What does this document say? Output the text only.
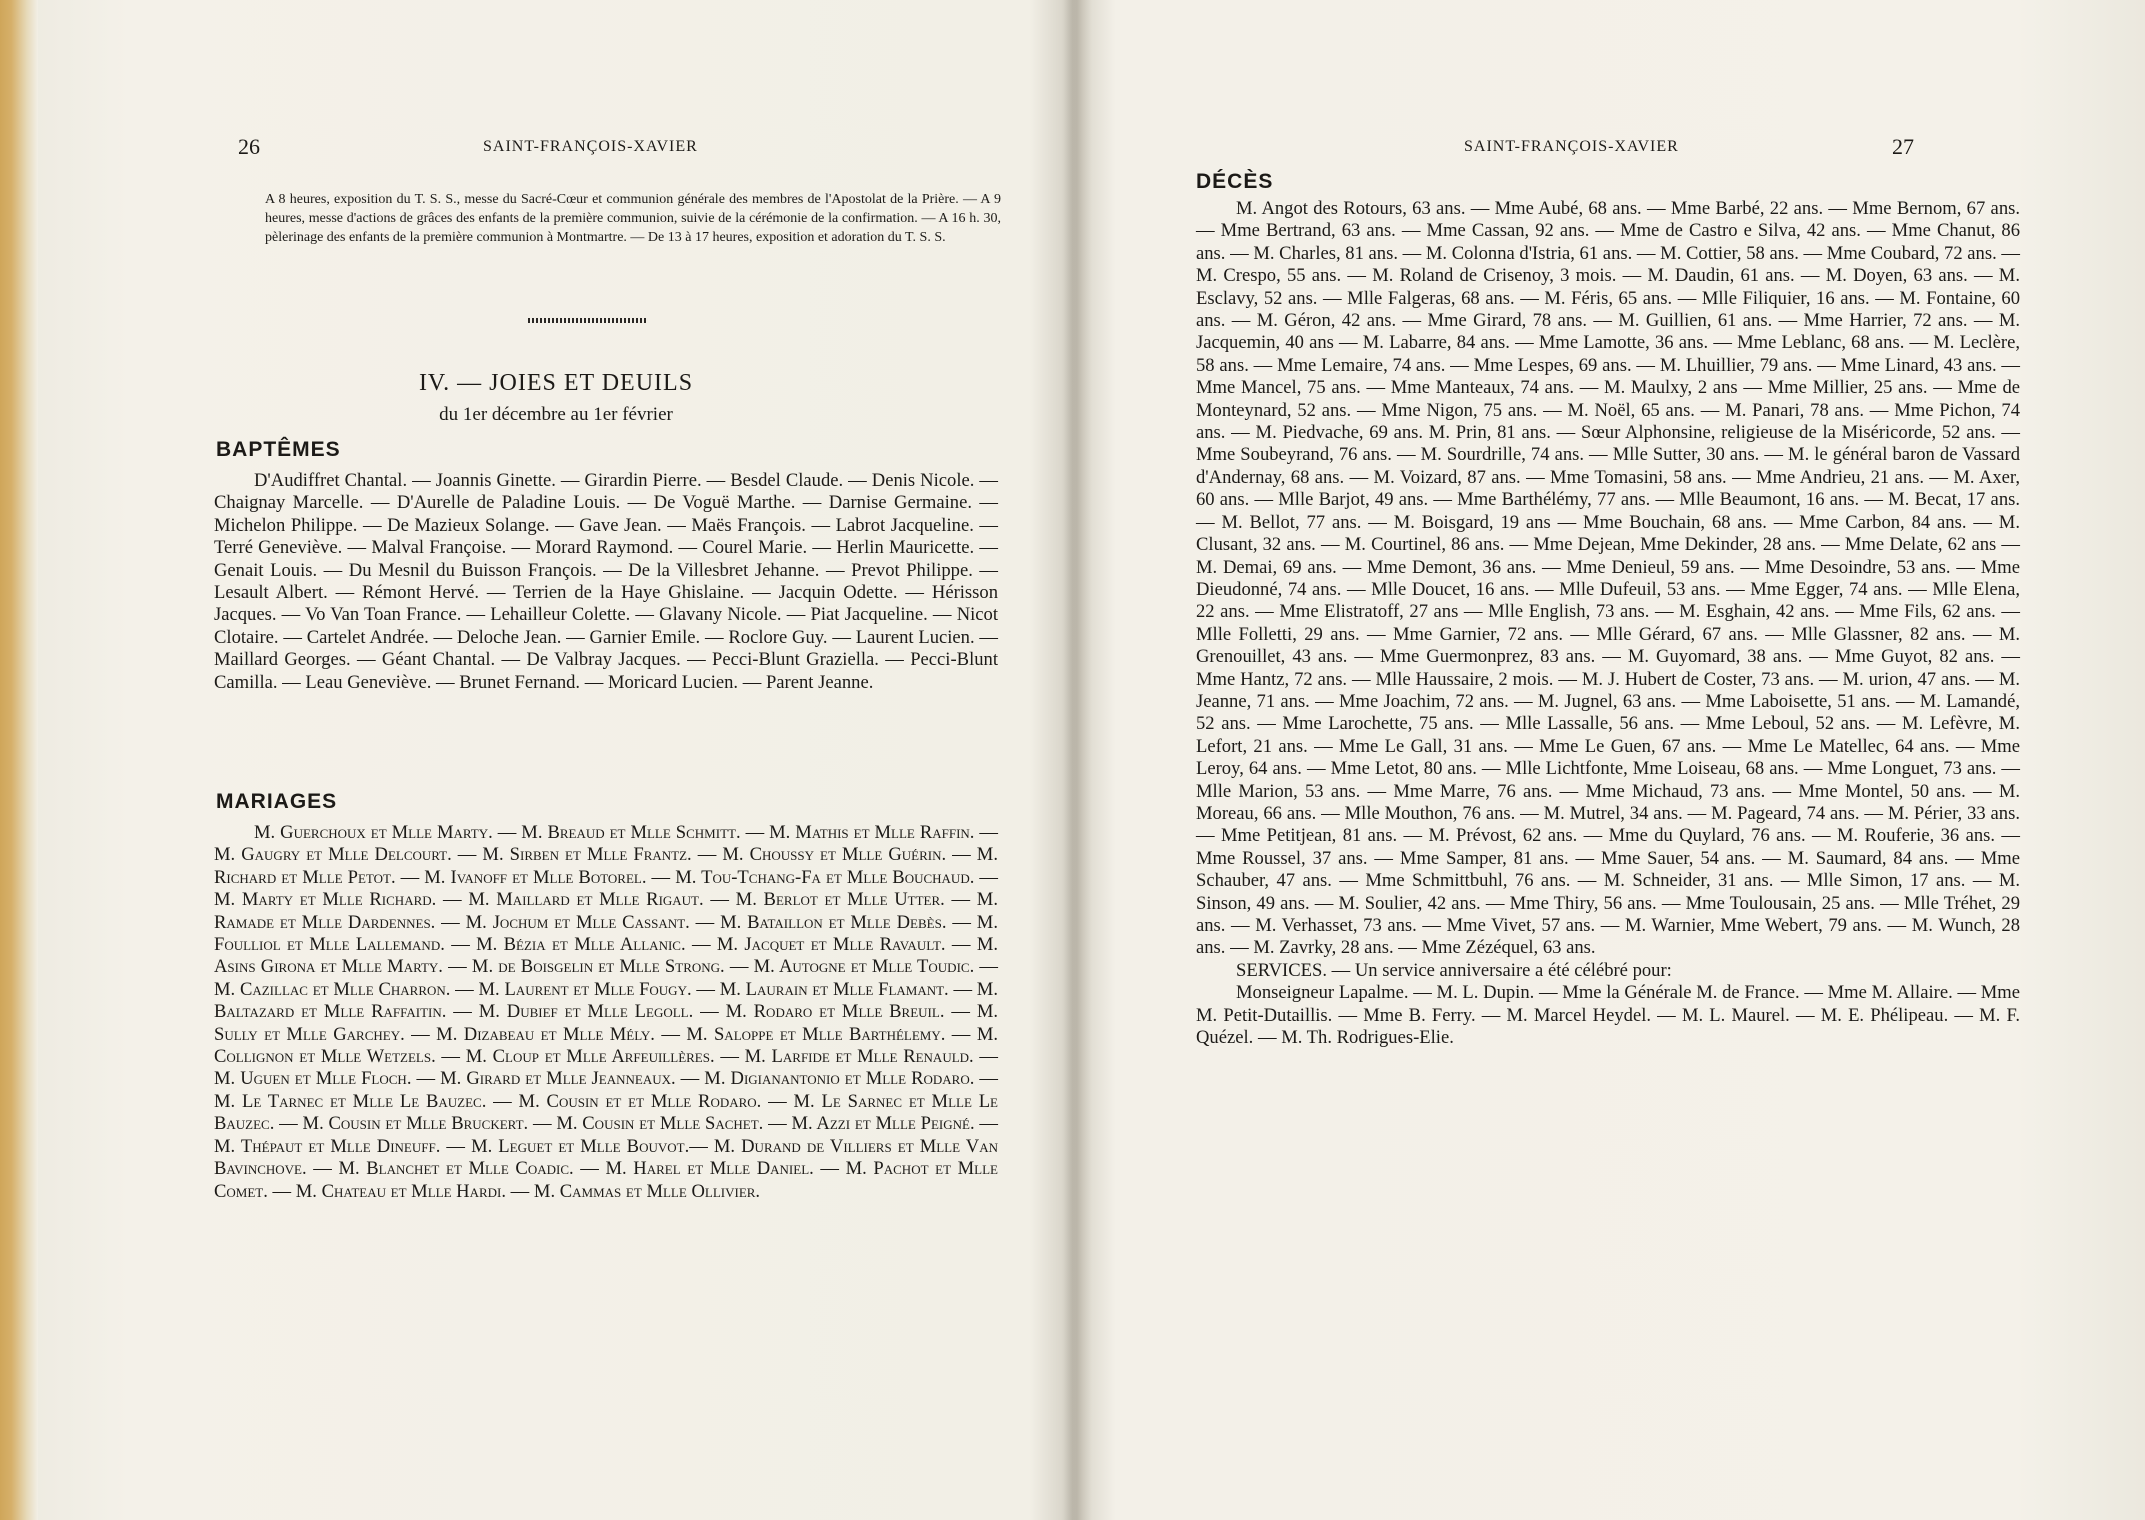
26	SAINT-FRANÇOIS-XAVIER
A 8 heures, exposition du T. S. S., messe du Sacré-Cœur et communion générale des membres de l'Apostolat de la Prière. — A 9 heures, messe d'actions de grâces des enfants de la première communion, suivie de la cérémonie de la confirmation. — A 16 h. 30, pèlerinage des enfants de la première communion à Montmartre. — De 13 à 17 heures, exposition et adoration du T. S. S.
IV. — JOIES ET DEUILS
du 1er décembre au 1er février
BAPTÊMES

D'Audiffret Chantal. — Joannis Ginette. — Girardin Pierre. — Besdel Claude. — Denis Nicole. — Chaignay Marcelle. — D'Aurelle de Paladine Louis. — De Voguë Marthe. — Darnise Germaine. — Michelon Philippe. — De Mazieux Solange. — Gave Jean. — Maës François. — Labrot Jacqueline. — Terré Geneviève. — Malval Françoise. — Morard Raymond. — Courel Marie. — Herlin Mauricette. — Genait Louis. — Du Mesnil du Buisson François. — De la Villesbret Jehanne. — Prevot Philippe. — Lesault Albert. — Rémont Hervé. — Terrien de la Haye Ghislaine. — Jacquin Odette. — Hérisson Jacques. — Vo Van Toan France. — Lehailleur Colette. — Glavany Nicole. — Piat Jacqueline. — Nicot Clotaire. — Cartelet Andrée. — Deloche Jean. — Garnier Emile. — Roclore Guy. — Laurent Lucien. — Maillard Georges. — Géant Chantal. — De Valbray Jacques. — Pecci-Blunt Graziella. — Pecci-Blunt Camilla. — Leau Geneviève. — Brunet Fernand. — Moricard Lucien. — Parent Jeanne.

MARIAGES

M. Guerchoux et Mlle Marty. — M. Breaud et Mlle Schmitt. — M. Mathis et Mlle Raffin. — M. Gaugry et Mlle Delcourt. — M. Sirben et Mlle Frantz. — M. Choussy et Mlle Guérin. — M. Richard et Mlle Petot. — M. Ivanoff et Mlle Botorel. — M. Tou-Tchang-Fa et Mlle Bouchaud. — M. Marty et Mlle Richard. — M. Maillard et Mlle Rigaut. — M. Berlot et Mlle Utter. — M. Ramade et Mlle Dardennes. — M. Jochum et Mlle Cassant. — M. Bataillon et Mlle Debès. — M. Foulliol et Mlle Lallemand. — M. Bézia et Mlle Allanic. — M. Jacquet et Mlle Ravault. — M. Asins Girona et Mlle Marty. — M. de Boisgelin et Mlle Strong. — M. Autogne et Mlle Toudic. — M. Cazillac et Mlle Charron. — M. Laurent et Mlle Fougy. — M. Laurain et Mlle Flamant. — M. Baltazard et Mlle Raffaitin. — M. Dubief et Mlle Legoll. — M. Rodaro et Mlle Breuil. — M. Sully et Mlle Garchey. — M. Dizabeau et Mlle Mély. — M. Saloppe et Mlle Barthélemy. — M. Collignon et Mlle Wetzels. — M. Cloup et Mlle Arfeuillères. — M. Larfide et Mlle Renauld. — M. Uguen et Mlle Floch. — M. Girard et Mlle Jeanneaux. — M. Digianantonio et Mlle Rodaro. — M. Le Tarnec et Mlle Le Bauzec. — M. Cousin et et Mlle Rodaro. — M. Le Sarnec et Mlle Le Bauzec. — M. Cousin et Mlle Bruckert. — M. Cousin et Mlle Sachet. — M. Azzi et Mlle Peigné. — M. Thépaut et Mlle Dineuff. — M. Leguet et Mlle Bouvot.— M. Durand de Villiers et Mlle Van Bavinchove. — M. Blanchet et Mlle Coadic. — M. Harel et Mlle Daniel. — M. Pachot et Mlle Comet. — M. Chateau et Mlle Hardi. — M. Cammas et Mlle Ollivier.

SAINT-FRANÇOIS-XAVIER	27
DÉCÈS

M. Angot des Rotours, 63 ans. — Mme Aubé, 68 ans. — Mme Barbé, 22 ans. — Mme Bernom, 67 ans. — Mme Bertrand, 63 ans. — Mme Cassan, 92 ans. — Mme de Castro e Silva, 42 ans. — Mme Chanut, 86 ans. — M. Charles, 81 ans. — M. Colonna d'Istria, 61 ans. — M. Cottier, 58 ans. — Mme Coubard, 72 ans. — M. Crespo, 55 ans. — M. Roland de Crisenoy, 3 mois. — M. Daudin, 61 ans. — M. Doyen, 63 ans. — M. Esclavy, 52 ans. — Mlle Falgeras, 68 ans. — M. Féris, 65 ans. — Mlle Filiquier, 16 ans. — M. Fontaine, 60 ans. — M. Géron, 42 ans. — Mme Girard, 78 ans. — M. Guillien, 61 ans. — Mme Harrier, 72 ans. — M. Jacquemin, 40 ans — M. Labarre, 84 ans. — Mme Lamotte, 36 ans. — Mme Leblanc, 68 ans. — M. Leclère, 58 ans. — Mme Lemaire, 74 ans. — Mme Lespes, 69 ans. — M. Lhuillier, 79 ans. — Mme Linard, 43 ans. — Mme Mancel, 75 ans. — Mme Manteaux, 74 ans. — M. Maulxy, 2 ans — Mme Millier, 25 ans. — Mme de Monteynard, 52 ans. — Mme Nigon, 75 ans. — M. Noël, 65 ans. — M. Panari, 78 ans. — Mme Pichon, 74 ans. — M. Piedvache, 69 ans. M. Prin, 81 ans. — Sœur Alphonsine, religieuse de la Miséricorde, 52 ans. — Mme Soubeyrand, 76 ans. — M. Sourdrille, 74 ans. — Mlle Sutter, 30 ans. — M. le général baron de Vassard d'Andernay, 68 ans. — M. Voizard, 87 ans. — Mme Tomasini, 58 ans. — Mme Andrieu, 21 ans. — M. Axer, 60 ans. — Mlle Barjot, 49 ans. — Mme Barthélémy, 77 ans. — Mlle Beaumont, 16 ans. — M. Becat, 17 ans. — M. Bellot, 77 ans. — M. Boisgard, 19 ans — Mme Bouchain, 68 ans. — Mme Carbon, 84 ans. — M. Clusant, 32 ans. — M. Courtinel, 86 ans. — Mme Dejean, Mme Dekinder, 28 ans. — Mme Delate, 62 ans — M. Demai, 69 ans. — Mme Demont, 36 ans. — Mme Denieul, 59 ans. — Mme Desoindre, 53 ans. — Mme Dieudonné, 74 ans. — Mlle Doucet, 16 ans. — Mlle Dufeuil, 53 ans. — Mme Egger, 74 ans. — Mlle Elena, 22 ans. — Mme Elistratoff, 27 ans — Mlle English, 73 ans. — M. Esghain, 42 ans. — Mme Fils, 62 ans. — Mlle Folletti, 29 ans. — Mme Garnier, 72 ans. — Mlle Gérard, 67 ans. — Mlle Glassner, 82 ans. — M. Grenouillet, 43 ans. — Mme Guermonprez, 83 ans. — M. Guyomard, 38 ans. — Mme Guyot, 82 ans. — Mme Hantz, 72 ans. — Mlle Haussaire, 2 mois. — M. J. Hubert de Coster, 73 ans. — M. urion, 47 ans. — M. Jeanne, 71 ans. — Mme Joachim, 72 ans. — M. Jugnel, 63 ans. — Mme Laboisette, 51 ans. — M. Lamandé, 52 ans. — Mme Larochette, 75 ans. — Mlle Lassalle, 56 ans. — Mme Leboul, 52 ans. — M. Lefèvre, M. Lefort, 21 ans. — Mme Le Gall, 31 ans. — Mme Le Guen, 67 ans. — Mme Le Matellec, 64 ans. — Mme Leroy, 64 ans. — Mme Letot, 80 ans. — Mlle Lichtfonte, Mme Loiseau, 68 ans. — Mme Longuet, 73 ans. — Mlle Marion, 53 ans. — Mme Marre, 76 ans. — Mme Michaud, 73 ans. — Mme Montel, 50 ans. — M. Moreau, 66 ans. — Mlle Mouthon, 76 ans. — M. Mutrel, 34 ans. — M. Pageard, 74 ans. — M. Périer, 33 ans. — Mme Petitjean, 81 ans. — M. Prévost, 62 ans. — Mme du Quylard, 76 ans. — M. Rouferie, 36 ans. — Mme Roussel, 37 ans. — Mme Samper, 81 ans. — Mme Sauer, 54 ans. — M. Saumard, 84 ans. — Mme Schauber, 47 ans. — Mme Schmittbuhl, 76 ans. — M. Schneider, 31 ans. — Mlle Simon, 17 ans. — M. Sinson, 49 ans. — M. Soulier, 42 ans. — Mme Thiry, 56 ans. — Mme Toulousain, 25 ans. — Mlle Tréhet, 29 ans. — M. Verhasset, 73 ans. — Mme Vivet, 57 ans. — M. Warnier, Mme Webert, 79 ans. — M. Wunch, 28 ans. — M. Zavrky, 28 ans. — Mme Zézéquel, 63 ans.

SERVICES. — Un service anniversaire a été célébré pour:

Monseigneur Lapalme. — M. L. Dupin. — Mme la Générale M. de France. — Mme M. Allaire. — Mme M. Petit-Dutaillis. — Mme B. Ferry. — M. Marcel Heydel. — M. L. Maurel. — M. E. Phélipeau. — M. F. Quézel. — M. Th. Rodrigues-Elie.
